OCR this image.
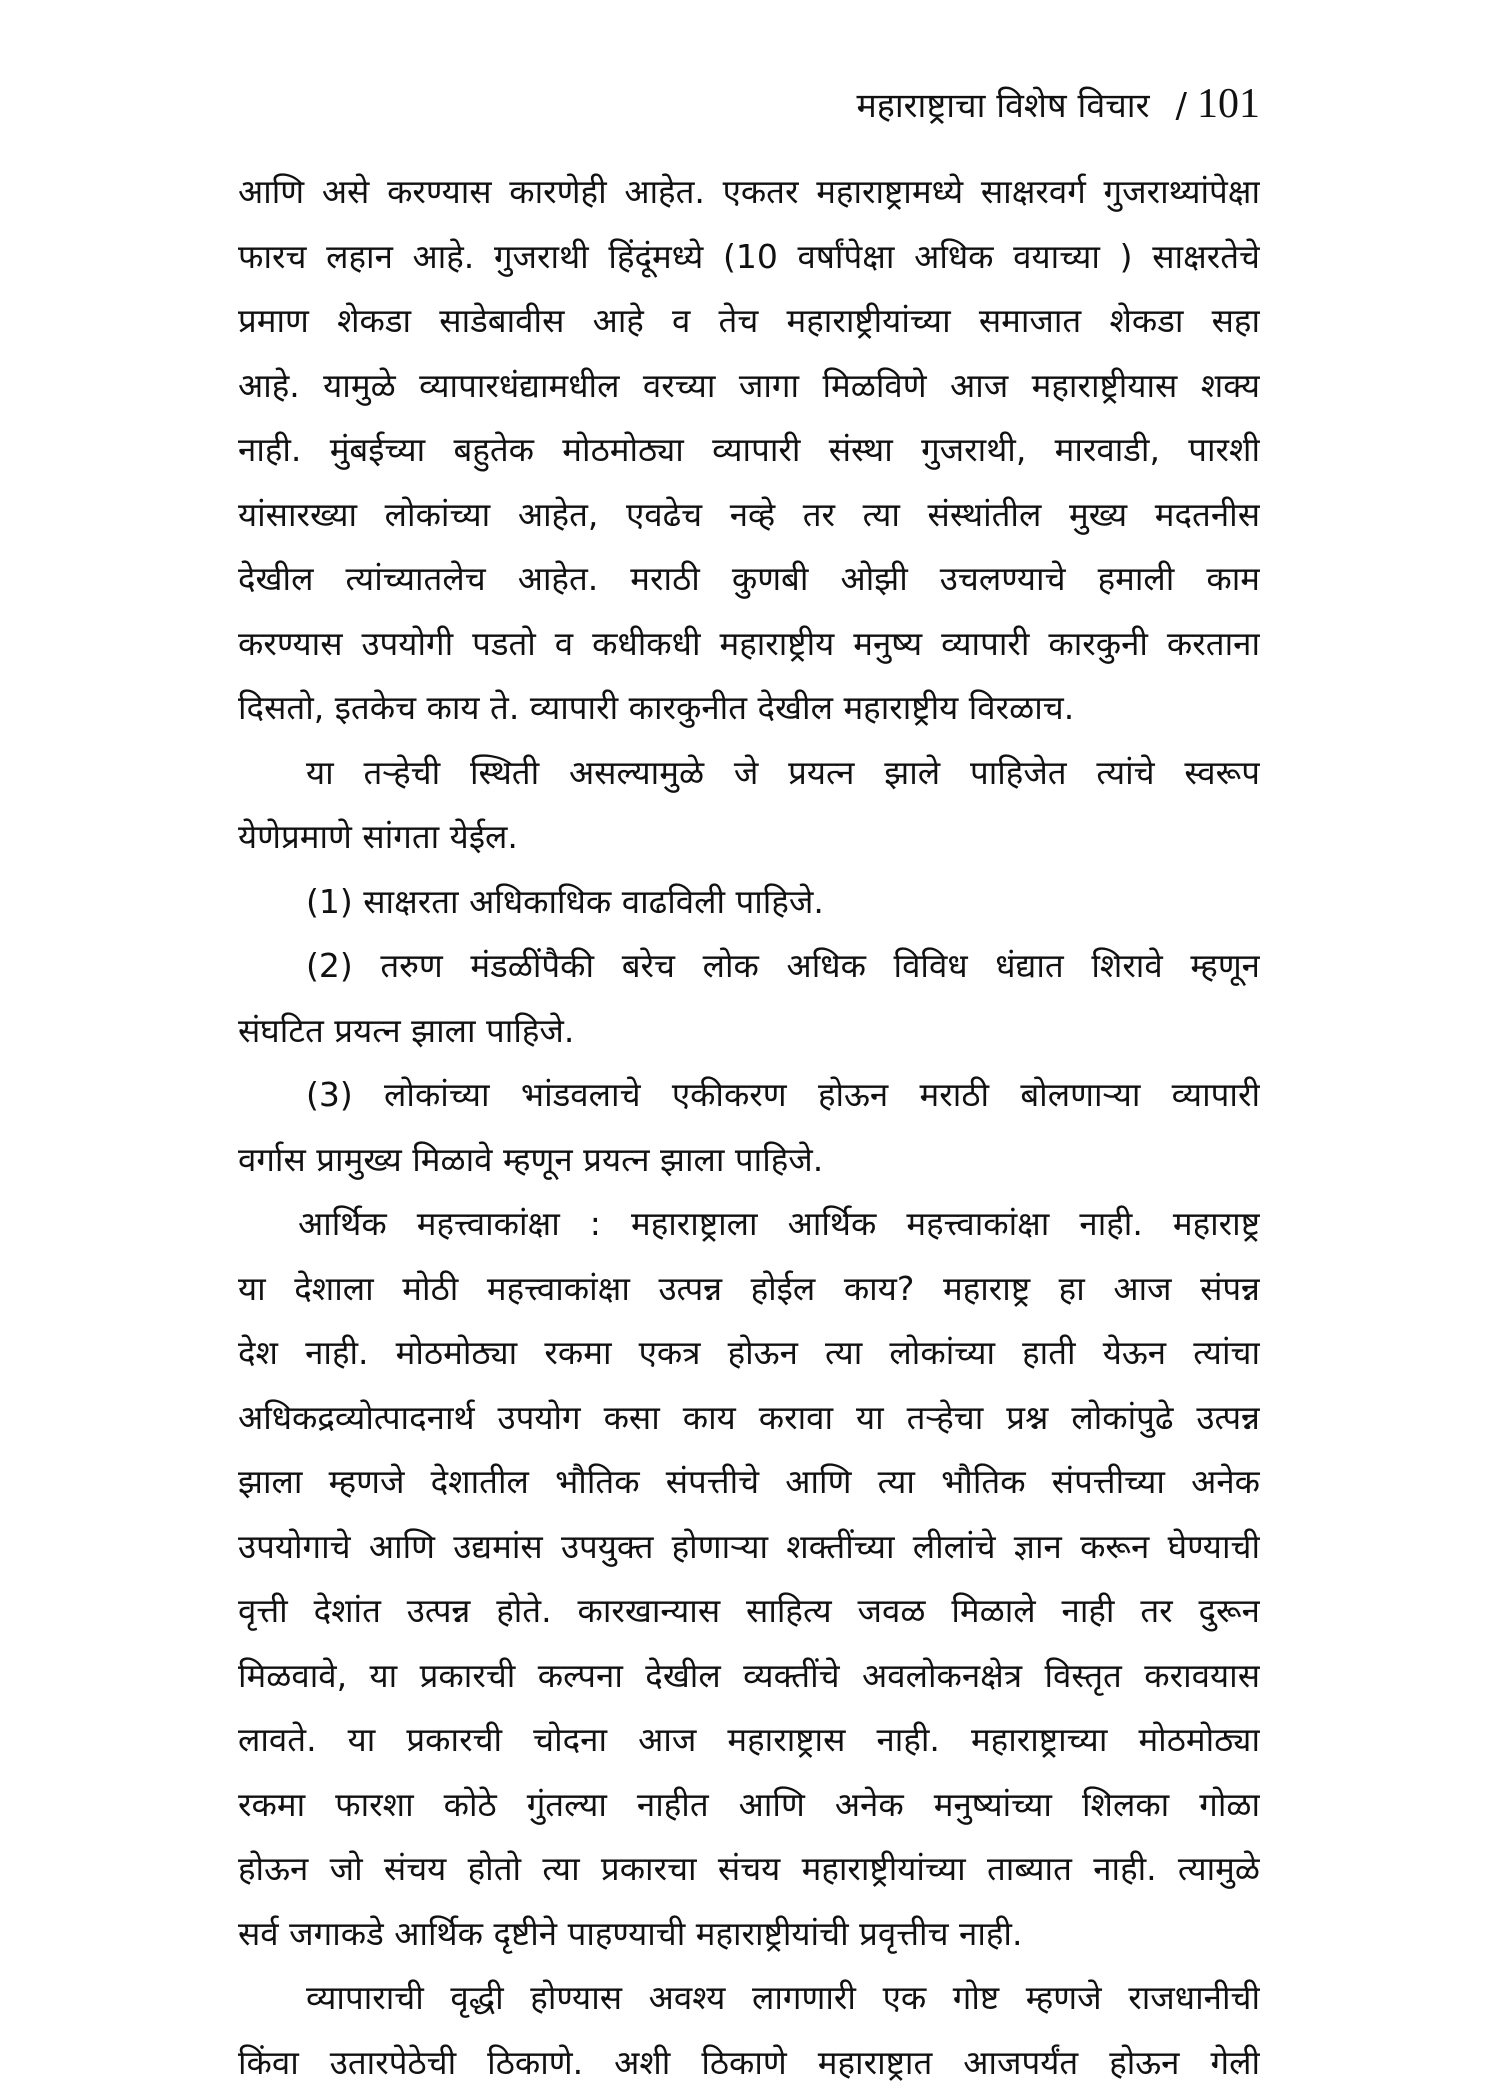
महाराष्ट्राचा विशेष विचार / 101
आणि असे करण्यास कारणेही आहेत. एकतर महाराष्ट्रामध्ये साक्षरवर्ग गुजराथ्यांपेक्षा
फारच लहान आहे. गुजराथी हिंदूंमध्ये (10 वर्षांपेक्षा अधिक वयाच्या ) साक्षरतेचे
प्रमाण शेकडा साडेबावीस आहे व तेच महाराष्ट्रीयांच्या समाजात शेकडा सहा
आहे. यामुळे व्यापारधंद्यामधील वरच्या जागा मिळविणे आज महाराष्ट्रीयास शक्य
नाही. मुंबईच्या बहुतेक मोठमोठ्या व्यापारी संस्था गुजराथी, मारवाडी, पारशी
यांसारख्या लोकांच्या आहेत, एवढेच नव्हे तर त्या संस्थांतील मुख्य मदतनीस
देखील त्यांच्यातलेच आहेत. मराठी कुणबी ओझी उचलण्याचे हमाली काम
करण्यास उपयोगी पडतो व कधीकधी महाराष्ट्रीय मनुष्य व्यापारी कारकुनी करताना
दिसतो, इतकेच काय ते. व्यापारी कारकुनीत देखील महाराष्ट्रीय विरळाच.
या तऱ्हेची स्थिती असल्यामुळे जे प्रयत्न झाले पाहिजेत त्यांचे स्वरूप
येणेप्रमाणे सांगता येईल.
(1) साक्षरता अधिकाधिक वाढविली पाहिजे.
(2) तरुण मंडळींपैकी बरेच लोक अधिक विविध धंद्यात शिरावे म्हणून
संघटित प्रयत्न झाला पाहिजे.
(3) लोकांच्या भांडवलाचे एकीकरण होऊन मराठी बोलणाऱ्या व्यापारी
वर्गास प्रामुख्य मिळावे म्हणून प्रयत्न झाला पाहिजे.
आर्थिक महत्त्वाकांक्षा : महाराष्ट्राला आर्थिक महत्त्वाकांक्षा नाही. महाराष्ट्र
या देशाला मोठी महत्त्वाकांक्षा उत्पन्न होईल काय? महाराष्ट्र हा आज संपन्न
देश नाही. मोठमोठ्या रकमा एकत्र होऊन त्या लोकांच्या हाती येऊन त्यांचा
अधिकद्रव्योत्पादनार्थ उपयोग कसा काय करावा या तऱ्हेचा प्रश्न लोकांपुढे उत्पन्न
झाला म्हणजे देशातील भौतिक संपत्तीचे आणि त्या भौतिक संपत्तीच्या अनेक
उपयोगाचे आणि उद्यमांस उपयुक्त होणाऱ्या शक्तींच्या लीलांचे ज्ञान करून घेण्याची
वृत्ती देशांत उत्पन्न होते. कारखान्यास साहित्य जवळ मिळाले नाही तर दुरून
मिळवावे, या प्रकारची कल्पना देखील व्यक्तींचे अवलोकनक्षेत्र विस्तृत करावयास
लावते. या प्रकारची चोदना आज महाराष्ट्रास नाही. महाराष्ट्राच्या मोठमोठ्या
रकमा फारशा कोठे गुंतल्या नाहीत आणि अनेक मनुष्यांच्या शिलका गोळा
होऊन जो संचय होतो त्या प्रकारचा संचय महाराष्ट्रीयांच्या ताब्यात नाही. त्यामुळे
सर्व जगाकडे आर्थिक दृष्टीने पाहण्याची महाराष्ट्रीयांची प्रवृत्तीच नाही.
व्यापाराची वृद्धी होण्यास अवश्य लागणारी एक गोष्ट म्हणजे राजधानीची
किंवा उतारपेठेची ठिकाणे. अशी ठिकाणे महाराष्ट्रात आजपर्यंत होऊन गेली
